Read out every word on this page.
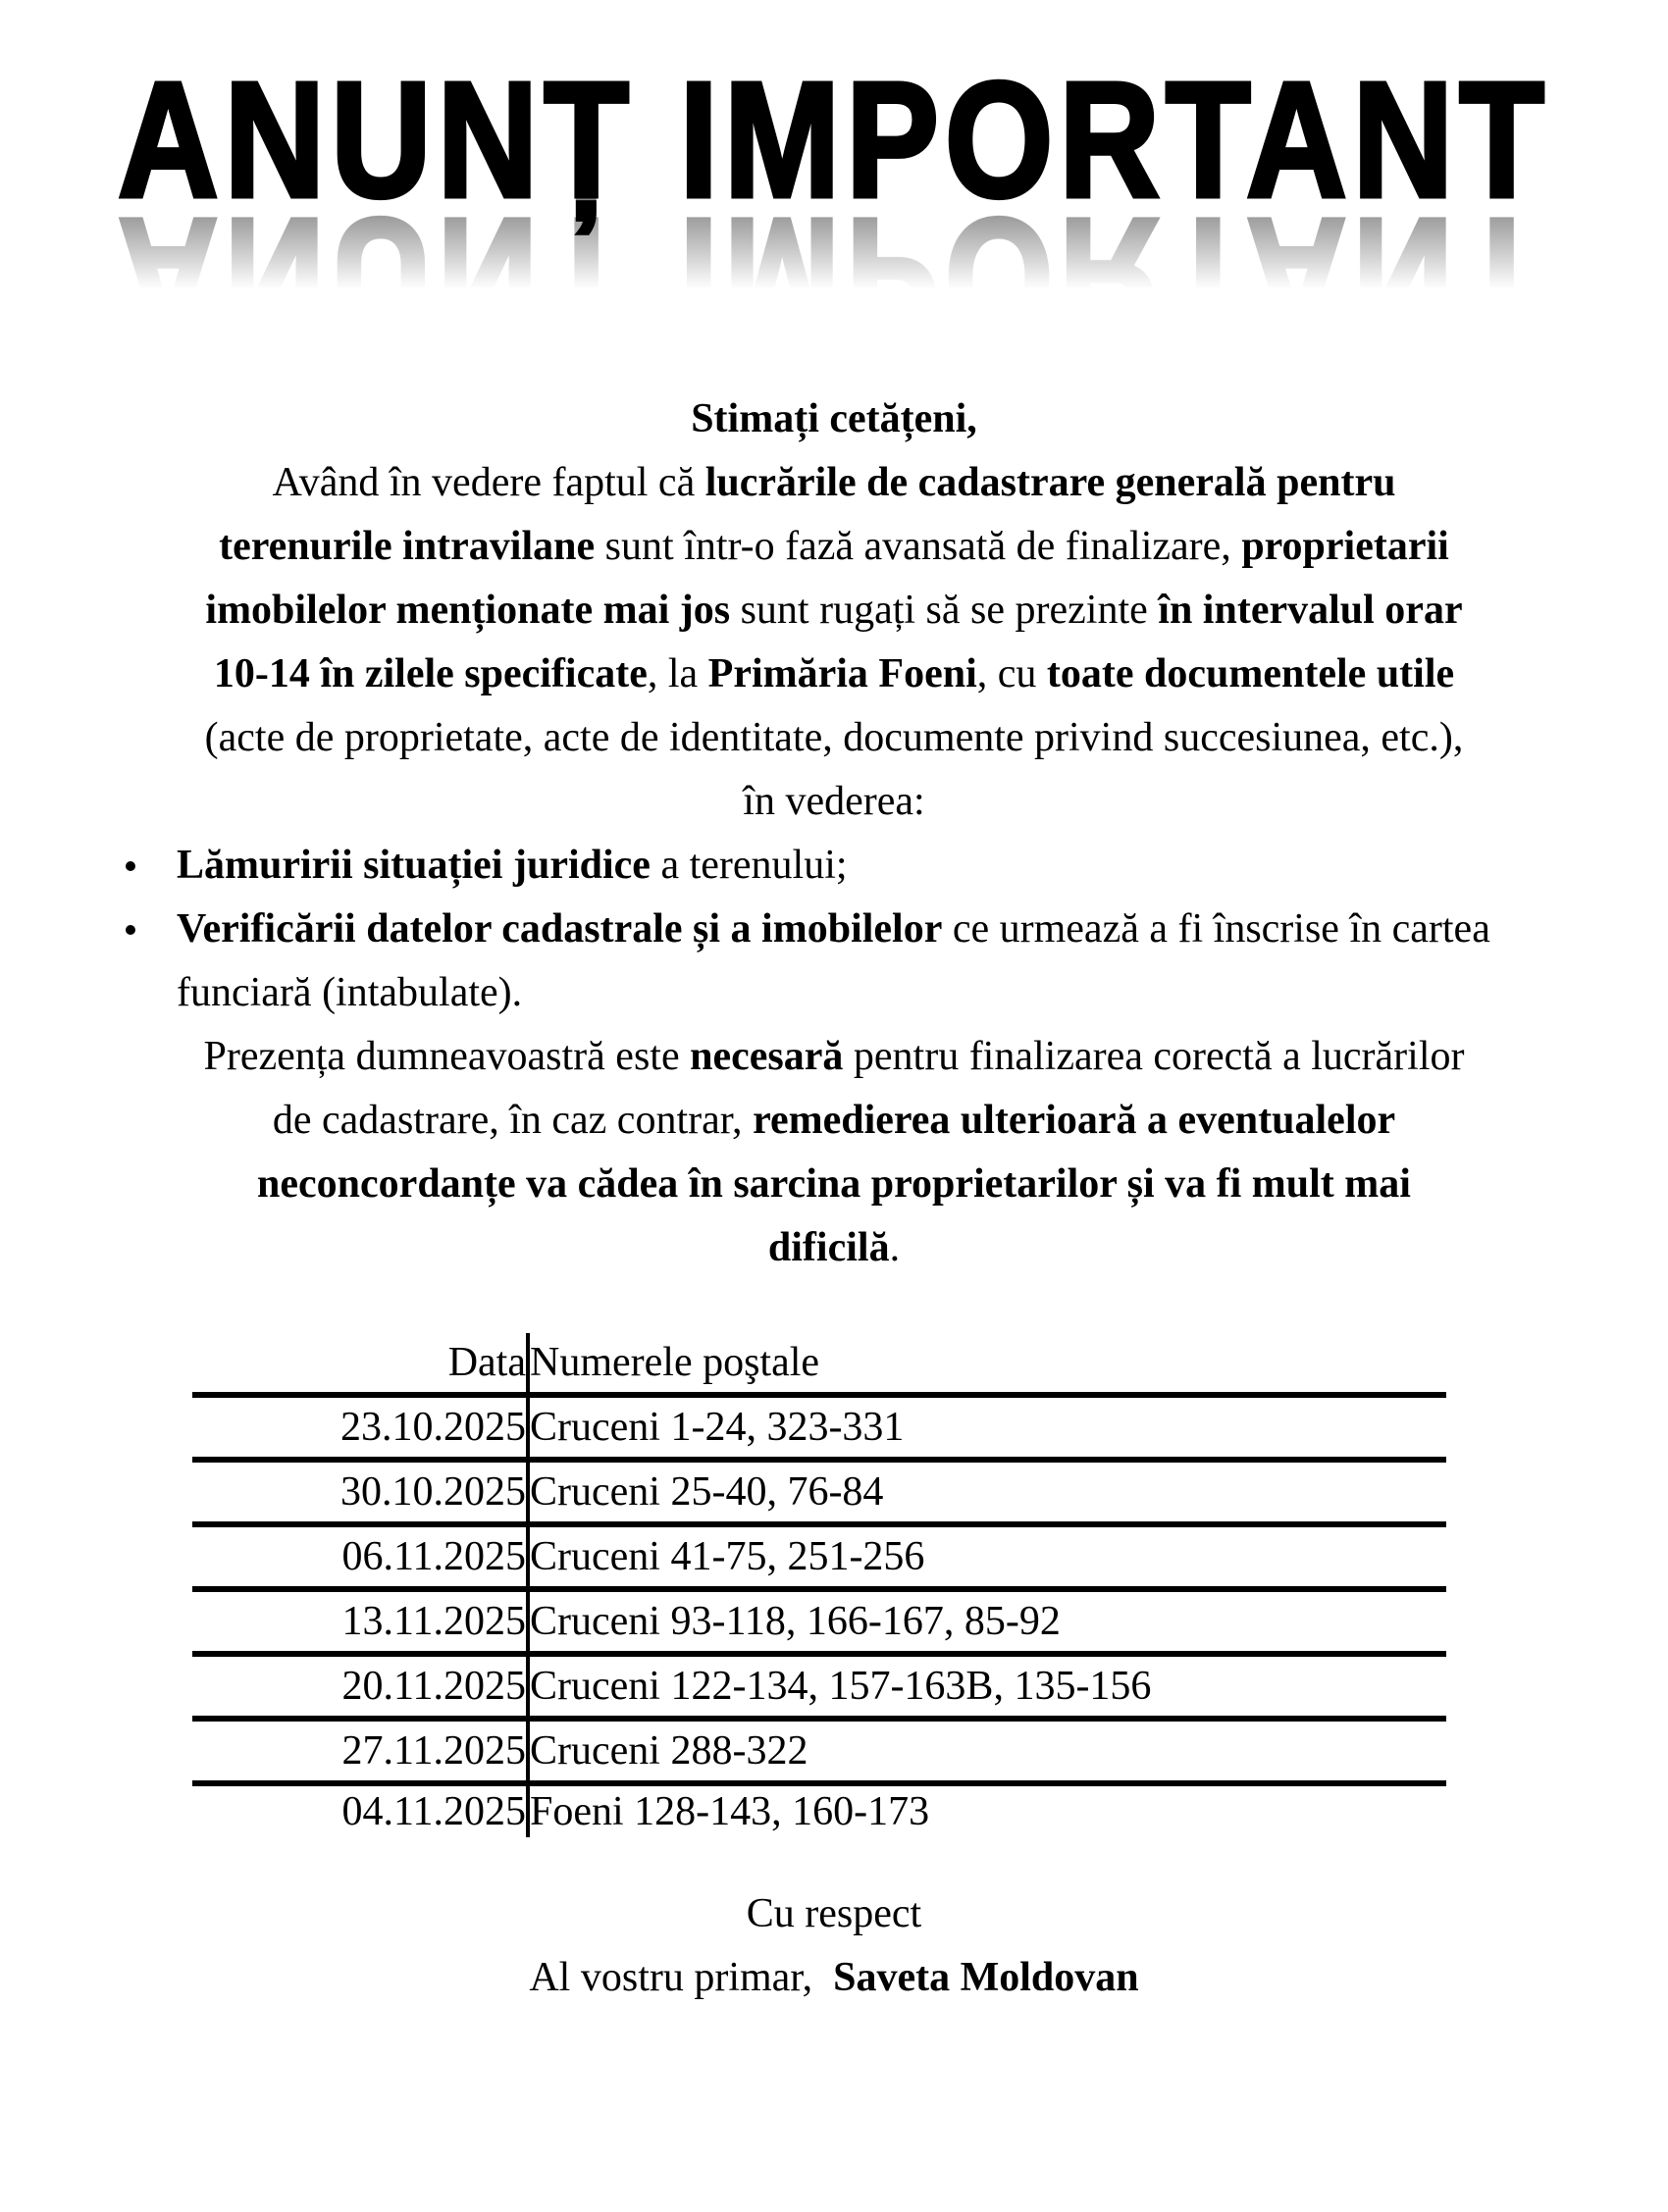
ANUNȚ IMPORTANT
Stimați cetățeni,
Având în vedere faptul că lucrările de cadastrare generală pentru
terenurile intravilane sunt într-o fază avansată de finalizare, proprietarii
imobilelor menționate mai jos sunt rugați să se prezinte în intervalul orar
10-14 în zilele specificate, la Primăria Foeni, cu toate documentele utile
(acte de proprietate, acte de identitate, documente privind succesiunea, etc.),
în vederea:
Lămuririi situației juridice a terenului;
Verificării datelor cadastrale și a imobilelor ce urmează a fi înscrise în cartea funciară (intabulate).
Prezența dumneavoastră este necesară pentru finalizarea corectă a lucrărilor
de cadastrare, în caz contrar, remedierea ulterioară a eventualelor
neconcordanțe va cădea în sarcina proprietarilor și va fi mult mai
dificilă.
Data	Numerele poştale
23.10.2025	Cruceni 1-24, 323-331
30.10.2025	Cruceni 25-40, 76-84
06.11.2025	Cruceni 41-75, 251-256
13.11.2025	Cruceni 93-118, 166-167, 85-92
20.11.2025	Cruceni 122-134, 157-163B, 135-156
27.11.2025	Cruceni 288-322
04.11.2025	Foeni 128-143, 160-173
Cu respect
Al vostru primar,  Saveta Moldovan
